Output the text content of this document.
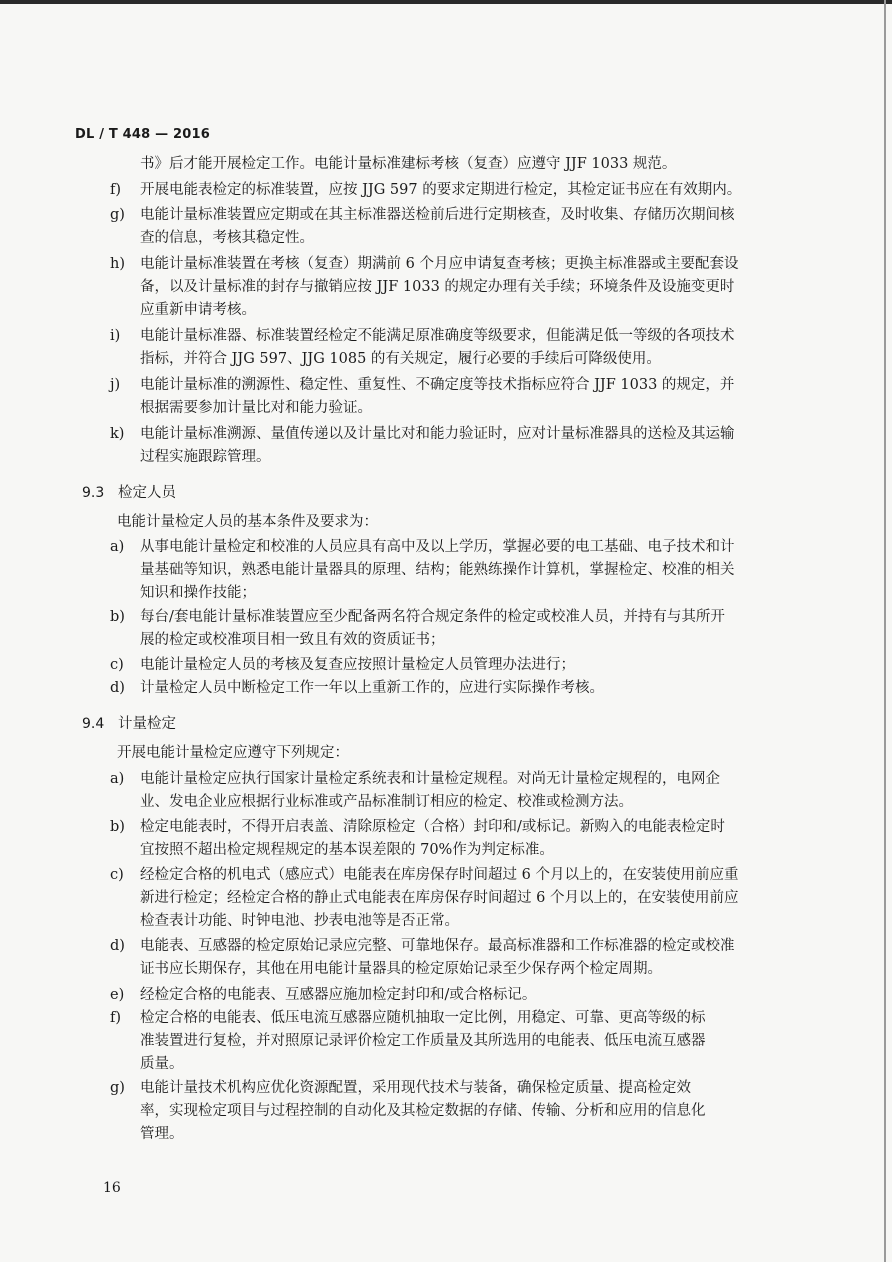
DL / T 448 — 2016
书》后才能开展检定工作。电能计量标准建标考核（复查）应遵守 JJF 1033 规范。
f) 开展电能表检定的标准装置，应按 JJG 597 的要求定期进行检定，其检定证书应在有效期内。
g) 电能计量标准装置应定期或在其主标准器送检前后进行定期核查，及时收集、存储历次期间核
查的信息，考核其稳定性。
h) 电能计量标准装置在考核（复查）期满前 6 个月应申请复查考核；更换主标准器或主要配套设
备，以及计量标准的封存与撤销应按 JJF 1033 的规定办理有关手续；环境条件及设施变更时
应重新申请考核。
i) 电能计量标准器、标准装置经检定不能满足原准确度等级要求，但能满足低一等级的各项技术
指标，并符合 JJG 597、JJG 1085 的有关规定，履行必要的手续后可降级使用。
j) 电能计量标准的溯源性、稳定性、重复性、不确定度等技术指标应符合 JJF 1033 的规定，并
根据需要参加计量比对和能力验证。
k) 电能计量标准溯源、量值传递以及计量比对和能力验证时，应对计量标准器具的送检及其运输
过程实施跟踪管理。
9.3 检定人员
电能计量检定人员的基本条件及要求为：
a) 从事电能计量检定和校准的人员应具有高中及以上学历，掌握必要的电工基础、电子技术和计
量基础等知识，熟悉电能计量器具的原理、结构；能熟练操作计算机，掌握检定、校准的相关
知识和操作技能；
b) 每台/套电能计量标准装置应至少配备两名符合规定条件的检定或校准人员，并持有与其所开
展的检定或校准项目相一致且有效的资质证书；
c) 电能计量检定人员的考核及复查应按照计量检定人员管理办法进行；
d) 计量检定人员中断检定工作一年以上重新工作的，应进行实际操作考核。
9.4 计量检定
开展电能计量检定应遵守下列规定：
a) 电能计量检定应执行国家计量检定系统表和计量检定规程。对尚无计量检定规程的，电网企
业、发电企业应根据行业标准或产品标准制订相应的检定、校准或检测方法。
b) 检定电能表时，不得开启表盖、清除原检定（合格）封印和/或标记。新购入的电能表检定时
宜按照不超出检定规程规定的基本误差限的 70%作为判定标准。
c) 经检定合格的机电式（感应式）电能表在库房保存时间超过 6 个月以上的，在安装使用前应重
新进行检定；经检定合格的静止式电能表在库房保存时间超过 6 个月以上的，在安装使用前应
检查表计功能、时钟电池、抄表电池等是否正常。
d) 电能表、互感器的检定原始记录应完整、可靠地保存。最高标准器和工作标准器的检定或校准
证书应长期保存，其他在用电能计量器具的检定原始记录至少保存两个检定周期。
e) 经检定合格的电能表、互感器应施加检定封印和/或合格标记。
f) 检定合格的电能表、低压电流互感器应随机抽取一定比例，用稳定、可靠、更高等级的标
准装置进行复检，并对照原记录评价检定工作质量及其所选用的电能表、低压电流互感器
质量。
g) 电能计量技术机构应优化资源配置，采用现代技术与装备，确保检定质量、提高检定效
率，实现检定项目与过程控制的自动化及其检定数据的存储、传输、分析和应用的信息化
管理。
16
